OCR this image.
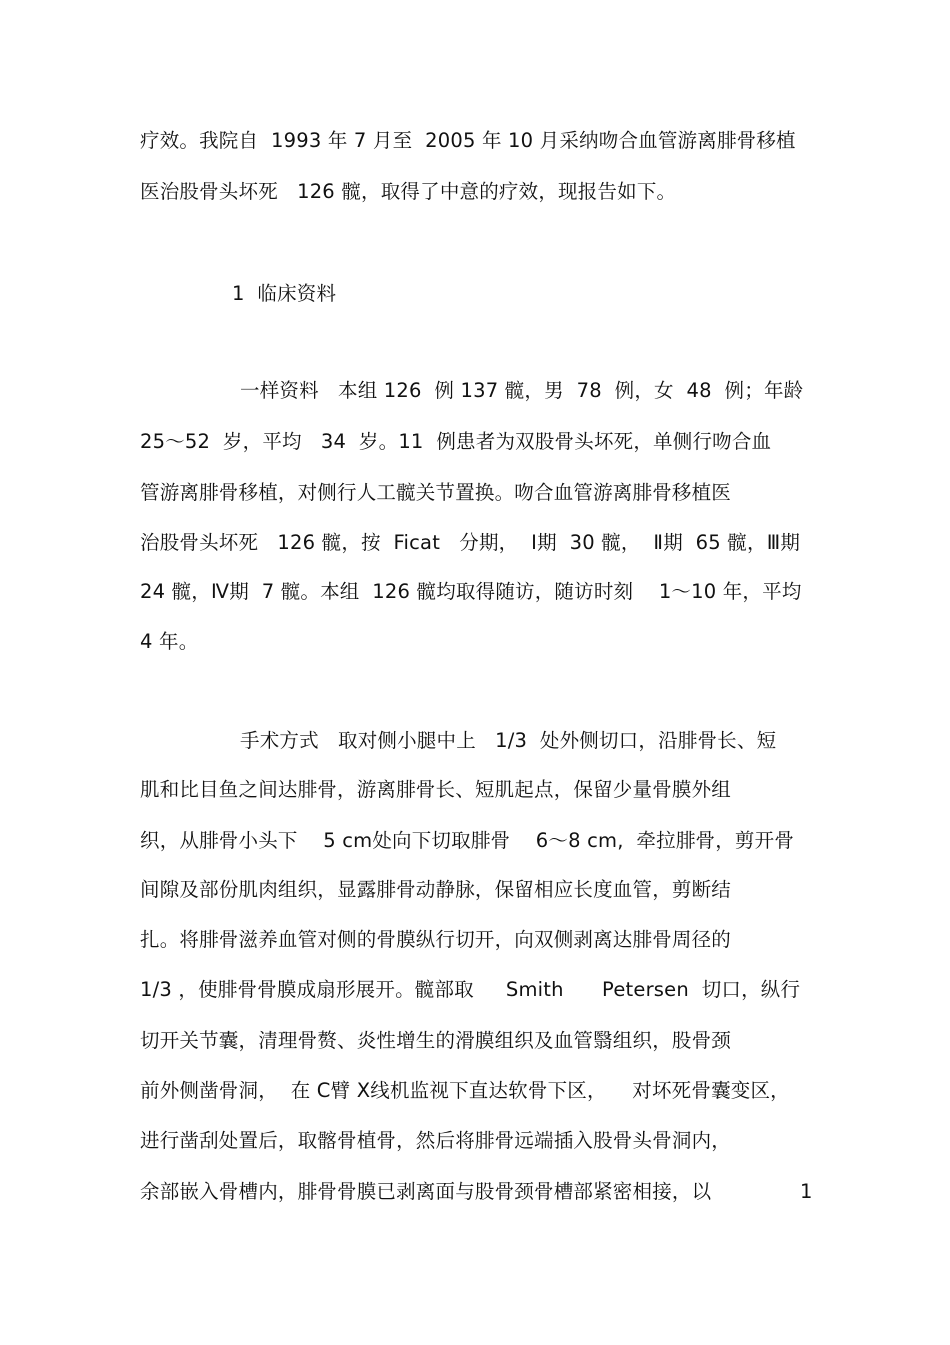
疗效。我院自  1993 年 7 月至  2005 年 10 月采纳吻合血管游离腓骨移植
医治股骨头坏死   126 髋，取得了中意的疗效，现报告如下。
1  临床资料
一样资料   本组 126  例 137 髋，男  78  例，女  48  例；年龄
25～52  岁，平均   34  岁。11  例患者为双股骨头坏死，单侧行吻合血
管游离腓骨移植，对侧行人工髋关节置换。吻合血管游离腓骨移植医
治股骨头坏死   126 髋，按  Ficat   分期，  Ⅰ期  30 髋，  Ⅱ期  65 髋，Ⅲ期
24 髋，Ⅳ期  7 髋。本组  126 髋均取得随访，随访时刻    1～10 年，平均
4 年。
手术方式   取对侧小腿中上   1/3  处外侧切口，沿腓骨长、短
肌和比目鱼之间达腓骨，游离腓骨长、短肌起点，保留少量骨膜外组
织，从腓骨小头下    5 cm处向下切取腓骨    6～8 cm,  牵拉腓骨，剪开骨
间隙及部份肌肉组织，显露腓骨动静脉，保留相应长度血管，剪断结
扎。将腓骨滋养血管对侧的骨膜纵行切开，向双侧剥离达腓骨周径的
1/3 ，使腓骨骨膜成扇形展开。髋部取     Smith      Petersen  切口，纵行
切开关节囊，清理骨赘、炎性增生的滑膜组织及血管翳组织，股骨颈
前外侧凿骨洞，  在 C臂 X线机监视下直达软骨下区，    对坏死骨囊变区，
进行凿刮处置后，取髂骨植骨，然后将腓骨远端插入股骨头骨洞内，
余部嵌入骨槽内，腓骨骨膜已剥离面与股骨颈骨槽部紧密相接，以	1
